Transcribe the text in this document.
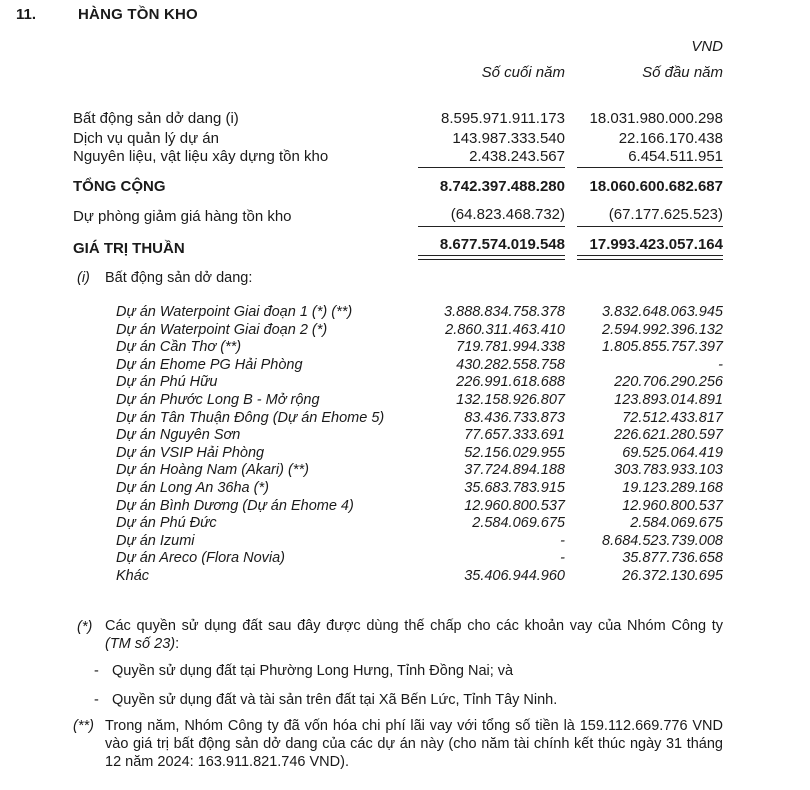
11.	HÀNG TỒN KHO
VND
Số cuối năm	Số đầu năm
Bất động sản dở dang (i)	8.595.971.911.173 18.031.980.000.298
Dịch vụ quản lý dự án	143.987.333.540	22.166.170.438
Nguyên liệu, vật liệu xây dựng tồn kho	2.438.243.567	6.454.511.951
TỔNG CỘNG	8.742.397.488.280 18.060.600.682.687
Dự phòng giảm giá hàng tồn kho	(64.823.468.732)	(67.177.625.523)
GIÁ TRỊ THUẦN	8.677.574.019.548 17.993.423.057.164
(i) Bất động sản dở dang:
Dự án Waterpoint Giai đoạn 1 (*) (**)	3.888.834.758.378	3.832.648.063.945
Dự án Waterpoint Giai đoạn 2 (*)	2.860.311.463.410	2.594.992.396.132
Dự án Cần Thơ (**)	719.781.994.338	1.805.855.757.397
Dự án Ehome PG Hải Phòng	430.282.558.758	-
Dự án Phú Hữu	226.991.618.688	220.706.290.256
Dự án Phước Long B - Mở rộng	132.158.926.807	123.893.014.891
Dự án Tân Thuận Đông (Dự án Ehome 5)	83.436.733.873	72.512.433.817
Dự án Nguyên Sơn	77.657.333.691	226.621.280.597
Dự án VSIP Hải Phòng	52.156.029.955	69.525.064.419
Dự án Hoàng Nam (Akari) (**)	37.724.894.188	303.783.933.103
Dự án Long An 36ha (*)	35.683.783.915	19.123.289.168
Dự án Bình Dương (Dự án Ehome 4)	12.960.800.537	12.960.800.537
Dự án Phú Đức	2.584.069.675	2.584.069.675
Dự án Izumi	-	8.684.523.739.008
Dự án Areco (Flora Novia)	-	35.877.736.658
Khác	35.406.944.960	26.372.130.695
(*) Các quyền sử dụng đất sau đây được dùng thế chấp cho các khoản vay của Nhóm Công ty (TM số 23):
- Quyền sử dụng đất tại Phường Long Hưng, Tỉnh Đồng Nai; và
- Quyền sử dụng đất và tài sản trên đất tại Xã Bến Lức, Tỉnh Tây Ninh.
(**) Trong năm, Nhóm Công ty đã vốn hóa chi phí lãi vay với tổng số tiền là 159.112.669.776 VND vào giá trị bất động sản dở dang của các dự án này (cho năm tài chính kết thúc ngày 31 tháng 12 năm 2024: 163.911.821.746 VND).
